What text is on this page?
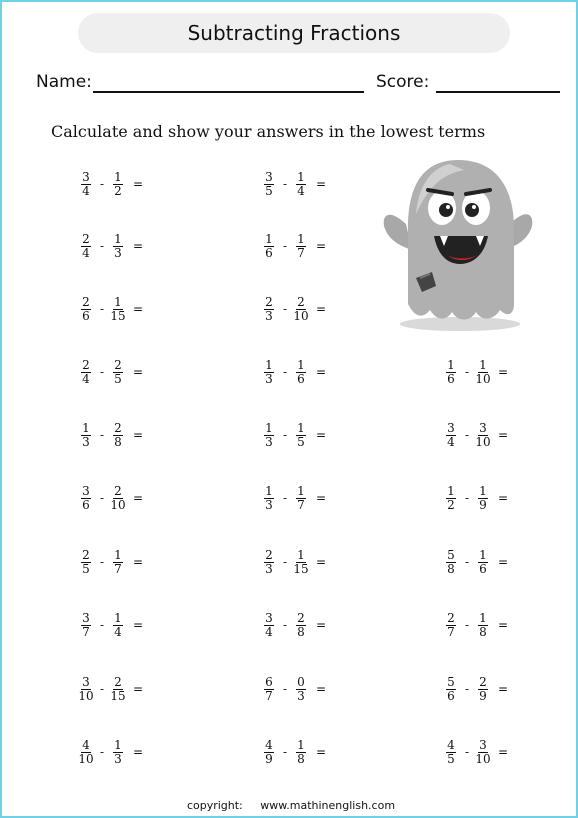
Subtracting Fractions
Name:	Score:
Calculate and show your answers in the lowest terms
$\frac{3}{4} - \frac{1}{2}$ =
$\frac{2}{4} - \frac{1}{3}$ =
$\frac{2}{6} - \frac{1}{15}$ =
$\frac{2}{4} - \frac{2}{5}$ =
$\frac{1}{3} - \frac{2}{8}$ =
$\frac{3}{6} - \frac{2}{10}$ =
$\frac{2}{5} - \frac{1}{7}$ =
$\frac{3}{7} - \frac{1}{4}$ =
$\frac{3}{10} - \frac{2}{15}$ =
$\frac{4}{10} - \frac{1}{3}$ =
$\frac{3}{5} - \frac{1}{4}$ =
$\frac{1}{6} - \frac{1}{7}$ =
$\frac{2}{3} - \frac{2}{10}$ =
$\frac{1}{3} - \frac{1}{6}$ =
$\frac{1}{3} - \frac{1}{5}$ =
$\frac{1}{3} - \frac{1}{7}$ =
$\frac{2}{3} - \frac{1}{15}$ =
$\frac{3}{4} - \frac{2}{8}$ =
$\frac{6}{7} - \frac{0}{3}$ =
$\frac{4}{9} - \frac{1}{8}$ =
$\frac{1}{6} - \frac{1}{10}$ =
$\frac{3}{4} - \frac{3}{10}$ =
$\frac{1}{2} - \frac{1}{9}$ =
$\frac{5}{8} - \frac{1}{6}$ =
$\frac{2}{7} - \frac{1}{8}$ =
$\frac{5}{6} - \frac{2}{9}$ =
$\frac{4}{5} - \frac{3}{10}$ =
copyright: www.mathinenglish.com
